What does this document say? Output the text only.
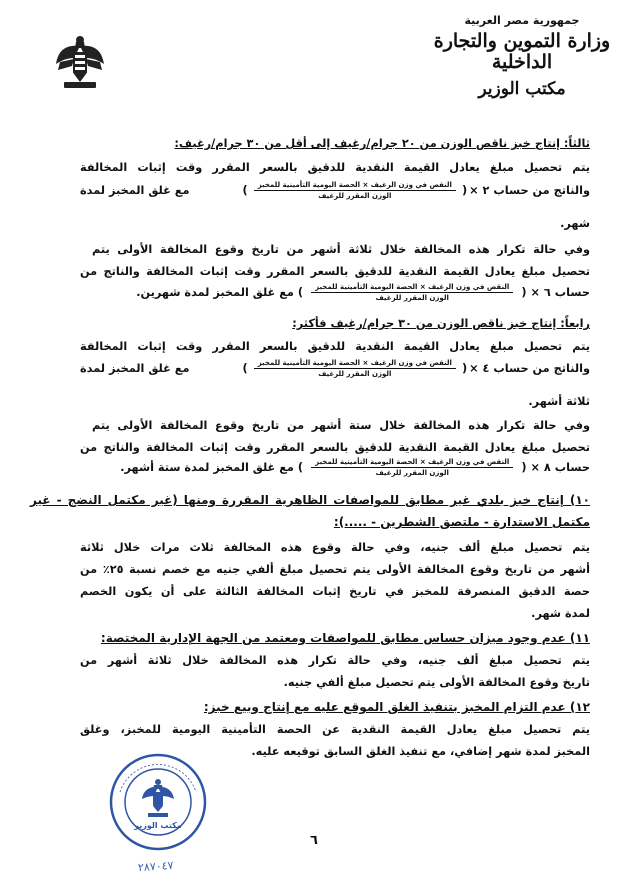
جمهورية مصر العربية
وزارة التموين والتجارة الداخلية
مكتب الوزير
ثالثاً: إنتاج خبز ناقص الوزن من ٢٠ جرام/رغيف إلى أقل من ٣٠ جرام/رغيف:
يتم تحصيل مبلغ يعادل القيمة النقدية للدقيق بالسعر المقرر وقت إثبات المخالفة
والناتج من حساب ٢ ×
(
$\frac{\text{النقص في وزن الرغيف × الحصة اليومية التأمينية للمخبز}}{\text{الوزن المقرر للرغيف}}$
)
مع غلق المخبز لمدة
شهر.
وفي حالة تكرار هذه المخالفة خلال ثلاثة أشهر من تاريخ وقوع المخالفة الأولى يتم
تحصيل مبلغ يعادل القيمة النقدية للدقيق بالسعر المقرر وقت إثبات المخالفة والناتج من
حساب ٦ ×
(
$\frac{\text{النقص في وزن الرغيف × الحصة اليومية التأمينية للمخبز}}{\text{الوزن المقرر للرغيف}}$
)
مع غلق المخبز لمدة شهرين.
رابعاً: إنتاج خبز ناقص الوزن من ٣٠ جرام/رغيف فأكثر:
يتم تحصيل مبلغ يعادل القيمة النقدية للدقيق بالسعر المقرر وقت إثبات المخالفة
والناتج من حساب ٤ ×
(
$\frac{\text{النقص في وزن الرغيف × الحصة اليومية التأمينية للمخبز}}{\text{الوزن المقرر للرغيف}}$
)
مع غلق المخبز لمدة
ثلاثة أشهر.
وفي حالة تكرار هذه المخالفة خلال ستة أشهر من تاريخ وقوع المخالفة الأولى يتم
تحصيل مبلغ يعادل القيمة النقدية للدقيق بالسعر المقرر وقت إثبات المخالفة والناتج من
حساب ٨ ×
(
$\frac{\text{النقص في وزن الرغيف × الحصة اليومية التأمينية للمخبز}}{\text{الوزن المقرر للرغيف}}$
)
مع غلق المخبز لمدة ستة أشهر.
١٠) إنتاج خبز بلدي غير مطابق للمواصفات الظاهرية المقررة ومنها (غير مكتمل النضج - غير
مكتمل الاستدارة - ملتصق الشطرين - .....):
يتم تحصيل مبلغ ألف جنيه، وفي حالة وقوع هذه المخالفة ثلاث مرات خلال ثلاثة
أشهر من تاريخ وقوع المخالفة الأولى يتم تحصيل مبلغ ألفي جنيه مع خصم نسبة ٢٥٪ من
حصة الدقيق المنصرفة للمخبز في تاريخ إثبات المخالفة الثالثة على أن يكون الخصم
لمدة شهر.
١١) عدم وجود ميزان حساس مطابق للمواصفات ومعتمد من الجهة الإدارية المختصة:
يتم تحصيل مبلغ ألف جنيه، وفي حالة تكرار هذه المخالفة خلال ثلاثة أشهر من
تاريخ وقوع المخالفة الأولى يتم تحصيل مبلغ ألفي جنيه.
١٢) عدم التزام المخبز بتنفيذ الغلق الموقع عليه مع إنتاج وبيع خبز:
يتم تحصيل مبلغ يعادل القيمة النقدية عن الحصة التأمينية اليومية للمخبز، وغلق
المخبز لمدة شهر إضافي، مع تنفيذ الغلق السابق توقيعه عليه.
مكتب الوزير
٦
٢٨٧٠٤٧
